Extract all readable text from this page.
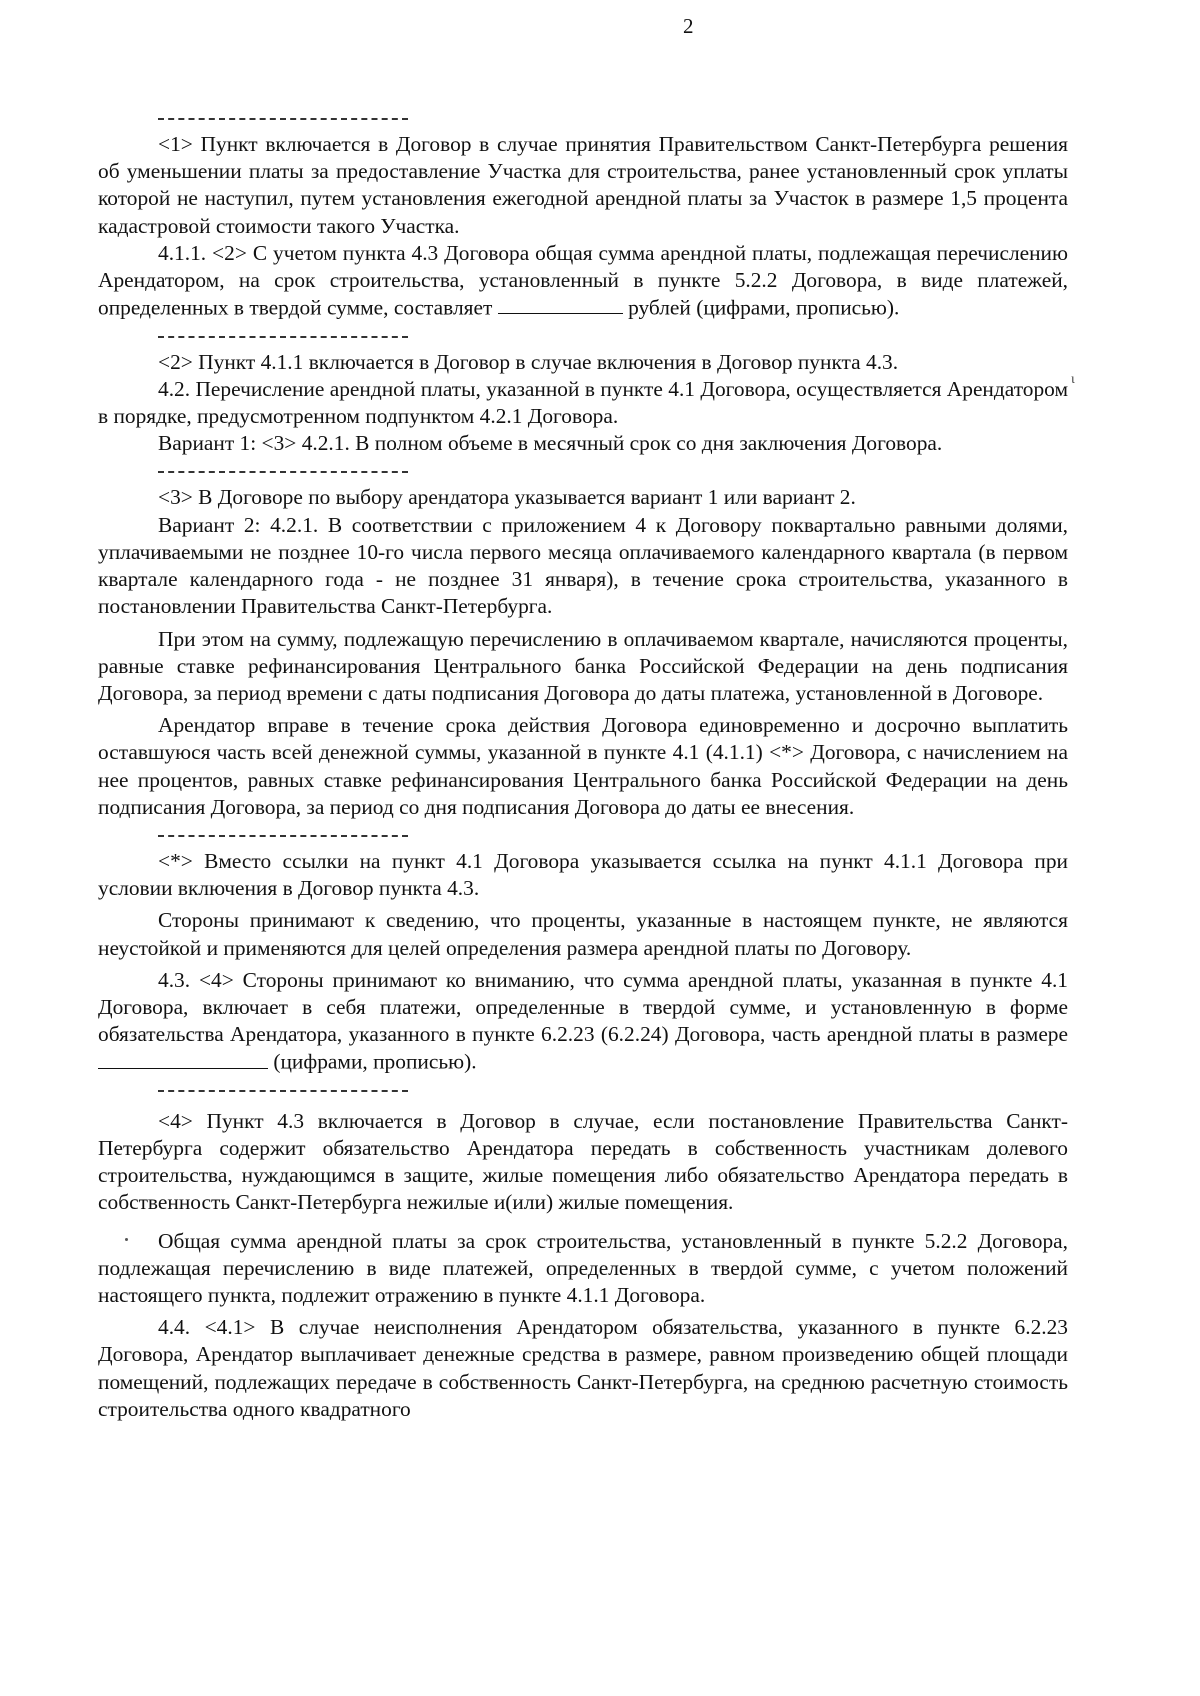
2

<1> Пункт включается в Договор в случае принятия Правительством Санкт-Петербурга решения об уменьшении платы за предоставление Участка для строительства, ранее установленный срок уплаты которой не наступил, путем установления ежегодной арендной платы за Участок в размере 1,5 процента кадастровой стоимости такого Участка.

4.1.1. <2> С учетом пункта 4.3 Договора общая сумма арендной платы, подлежащая перечислению Арендатором, на срок строительства, установленный в пункте 5.2.2 Договора, в виде платежей, определенных в твердой сумме, составляет	рублей (цифрами, прописью).

<2> Пункт 4.1.1 включается в Договор в случае включения в Договор пункта 4.3.

4.2. Перечисление арендной платы, указанной в пункте 4.1 Договора, осуществляется Арендатором в порядке, предусмотренном подпунктом 4.2.1 Договора.

Вариант 1: <3> 4.2.1. В полном объеме в месячный срок со дня заключения Договора.

<3> В Договоре по выбору арендатора указывается вариант 1 или вариант 2.

Вариант 2: 4.2.1. В соответствии с приложением 4 к Договору поквартально равными долями, уплачиваемыми не позднее 10-го числа первого месяца оплачиваемого календарного квартала (в первом квартале календарного года - не позднее 31 января), в течение срока строительства, указанного в постановлении Правительства Санкт-Петербурга.

При этом на сумму, подлежащую перечислению в оплачиваемом квартале, начисляются проценты, равные ставке рефинансирования Центрального банка Российской Федерации на день подписания Договора, за период времени с даты подписания Договора до даты платежа, установленной в Договоре.

Арендатор вправе в течение срока действия Договора единовременно и досрочно выплатить оставшуюся часть всей денежной суммы, указанной в пункте 4.1 (4.1.1) <*> Договора, с начислением на нее процентов, равных ставке рефинансирования Центрального банка Российской Федерации на день подписания Договора, за период со дня подписания Договора до даты ее внесения.

<*> Вместо ссылки на пункт 4.1 Договора указывается ссылка на пункт 4.1.1 Договора при условии включения в Договор пункта 4.3.

Стороны принимают к сведению, что проценты, указанные в настоящем пункте, не являются неустойкой и применяются для целей определения размера арендной платы по Договору.

4.3. <4> Стороны принимают ко вниманию, что сумма арендной платы, указанная в пункте 4.1 Договора, включает в себя платежи, определенные в твердой сумме, и установленную в форме обязательства Арендатора, указанного в пункте 6.2.23 (6.2.24) Договора, часть арендной платы в размере  (цифрами, прописью).

<4> Пункт 4.3 включается в Договор в случае, если постановление Правительства Санкт-Петербурга содержит обязательство Арендатора передать в собственность участникам долевого строительства, нуждающимся в защите, жилые помещения либо обязательство Арендатора передать в собственность Санкт-Петербурга нежилые и(или) жилые помещения.

Общая сумма арендной платы за срок строительства, установленный в пункте 5.2.2 Договора, подлежащая перечислению в виде платежей, определенных в твердой сумме, с учетом положений настоящего пункта, подлежит отражению в пункте 4.1.1 Договора.

4.4. <4.1> В случае неисполнения Арендатором обязательства, указанного в пункте 6.2.23 Договора, Арендатор выплачивает денежные средства в размере, равном произведению общей площади помещений, подлежащих передаче в собственность Санкт-Петербурга, на среднюю расчетную стоимость строительства одного квадратного

ι
